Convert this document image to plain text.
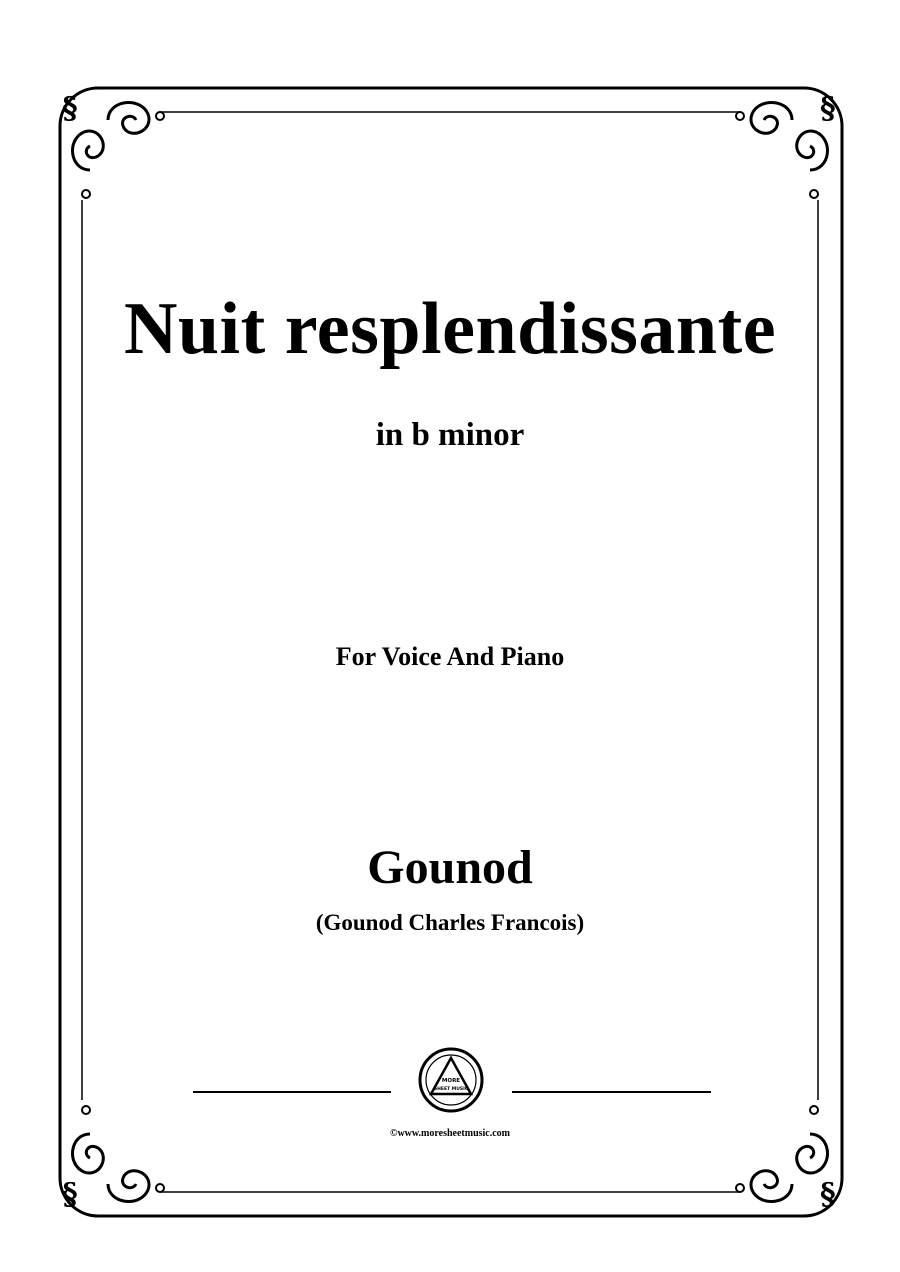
§	§
§	§
Nuit resplendissante
in b minor
For Voice And Piano
Gounod
(Gounod Charles Francois)
MORE
SHEET MUSIC
©www.moresheetmusic.com
